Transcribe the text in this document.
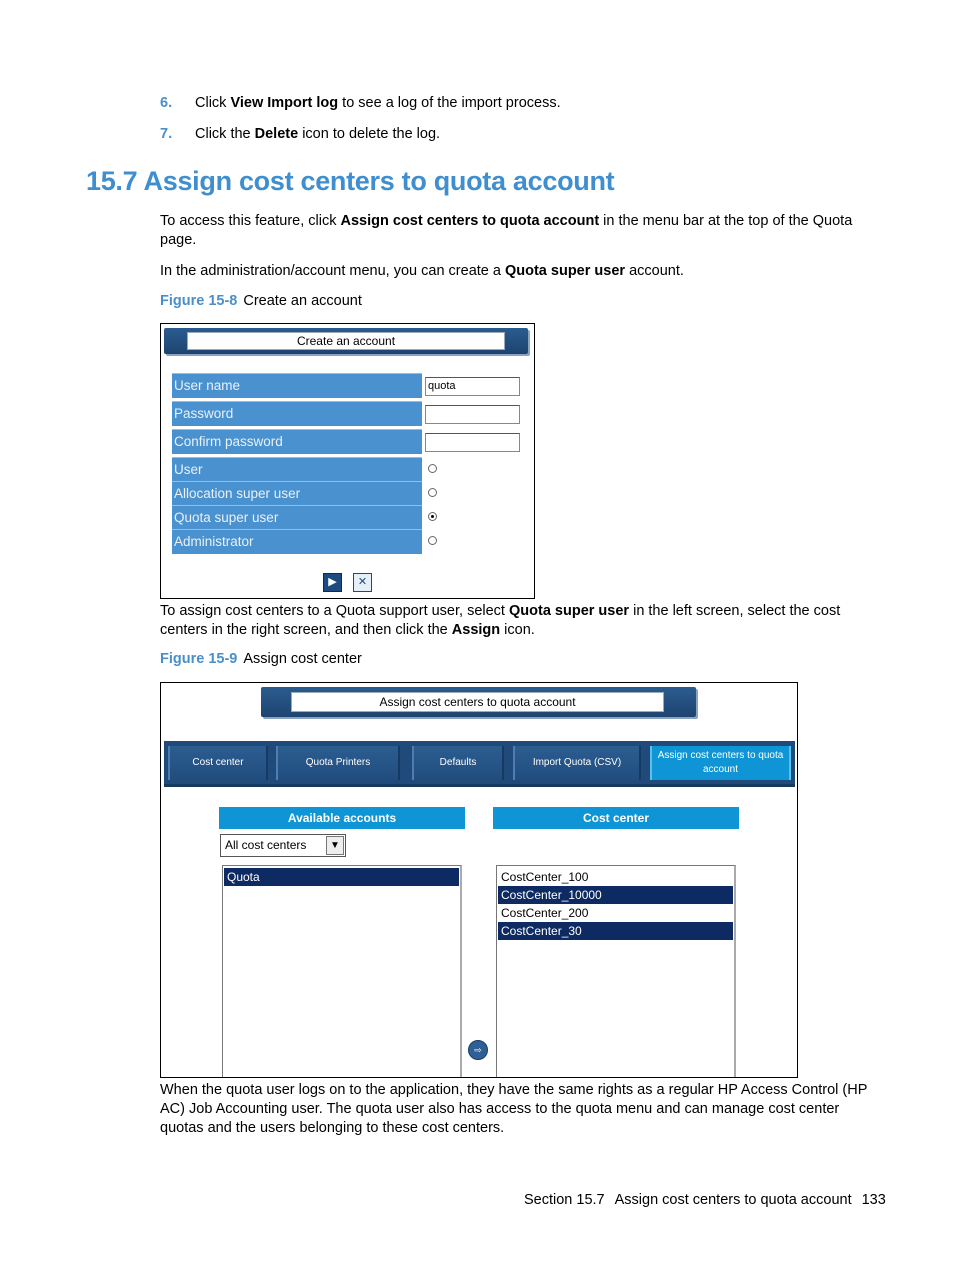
6. Click View Import log to see a log of the import process.
7. Click the Delete icon to delete the log.
15.7 Assign cost centers to quota account
To access this feature, click Assign cost centers to quota account in the menu bar at the top of the Quota page.
In the administration/account menu, you can create a Quota super user account.
Figure 15-8 Create an account
Create an account
User name	quota
Password
Confirm password
User
Allocation super user
Quota super user
Administrator
▶	✕
To assign cost centers to a Quota support user, select Quota super user in the left screen, select the cost centers in the right screen, and then click the Assign icon.
Figure 15-9 Assign cost center
Assign cost centers to quota account
Cost center	Quota Printers	Defaults	Import Quota (CSV)
Assign cost centers to quota account
Available accounts	Cost center
All cost centers	▼
Quota	CostCenter_100
CostCenter_10000
CostCenter_200
CostCenter_30
⇨
When the quota user logs on to the application, they have the same rights as a regular HP Access Control (HP AC) Job Accounting user. The quota user also has access to the quota menu and can manage cost center quotas and the users belonging to these cost centers.
Section 15.7 Assign cost centers to quota account 133
